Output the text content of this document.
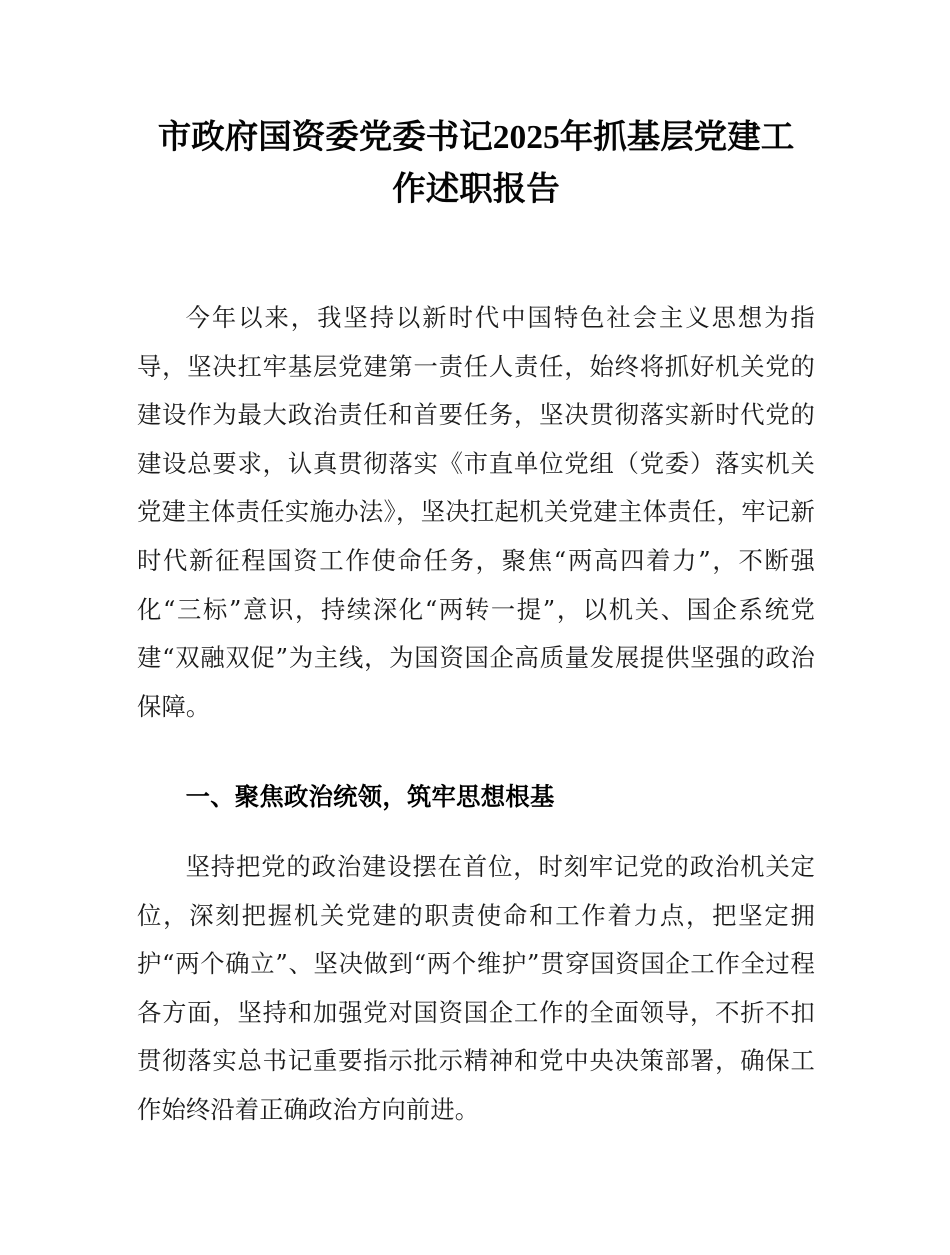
市政府国资委党委书记2025年抓基层党建工
作述职报告

今年以来，我坚持以新时代中国特色社会主义思想为指导，坚决扛牢基层党建第一责任人责任，始终将抓好机关党的建设作为最大政治责任和首要任务，坚决贯彻落实新时代党的建设总要求，认真贯彻落实《市直单位党组（党委）落实机关党建主体责任实施办法》，坚决扛起机关党建主体责任，牢记新时代新征程国资工作使命任务，聚焦“两高四着力”，不断强化“三标”意识，持续深化“两转一提”，以机关、国企系统党建“双融双促”为主线，为国资国企高质量发展提供坚强的政治保障。

一、聚焦政治统领，筑牢思想根基

坚持把党的政治建设摆在首位，时刻牢记党的政治机关定位，深刻把握机关党建的职责使命和工作着力点，把坚定拥护“两个确立”、坚决做到“两个维护”贯穿国资国企工作全过程各方面，坚持和加强党对国资国企工作的全面领导，不折不扣贯彻落实总书记重要指示批示精神和党中央决策部署，确保工作始终沿着正确政治方向前进。
